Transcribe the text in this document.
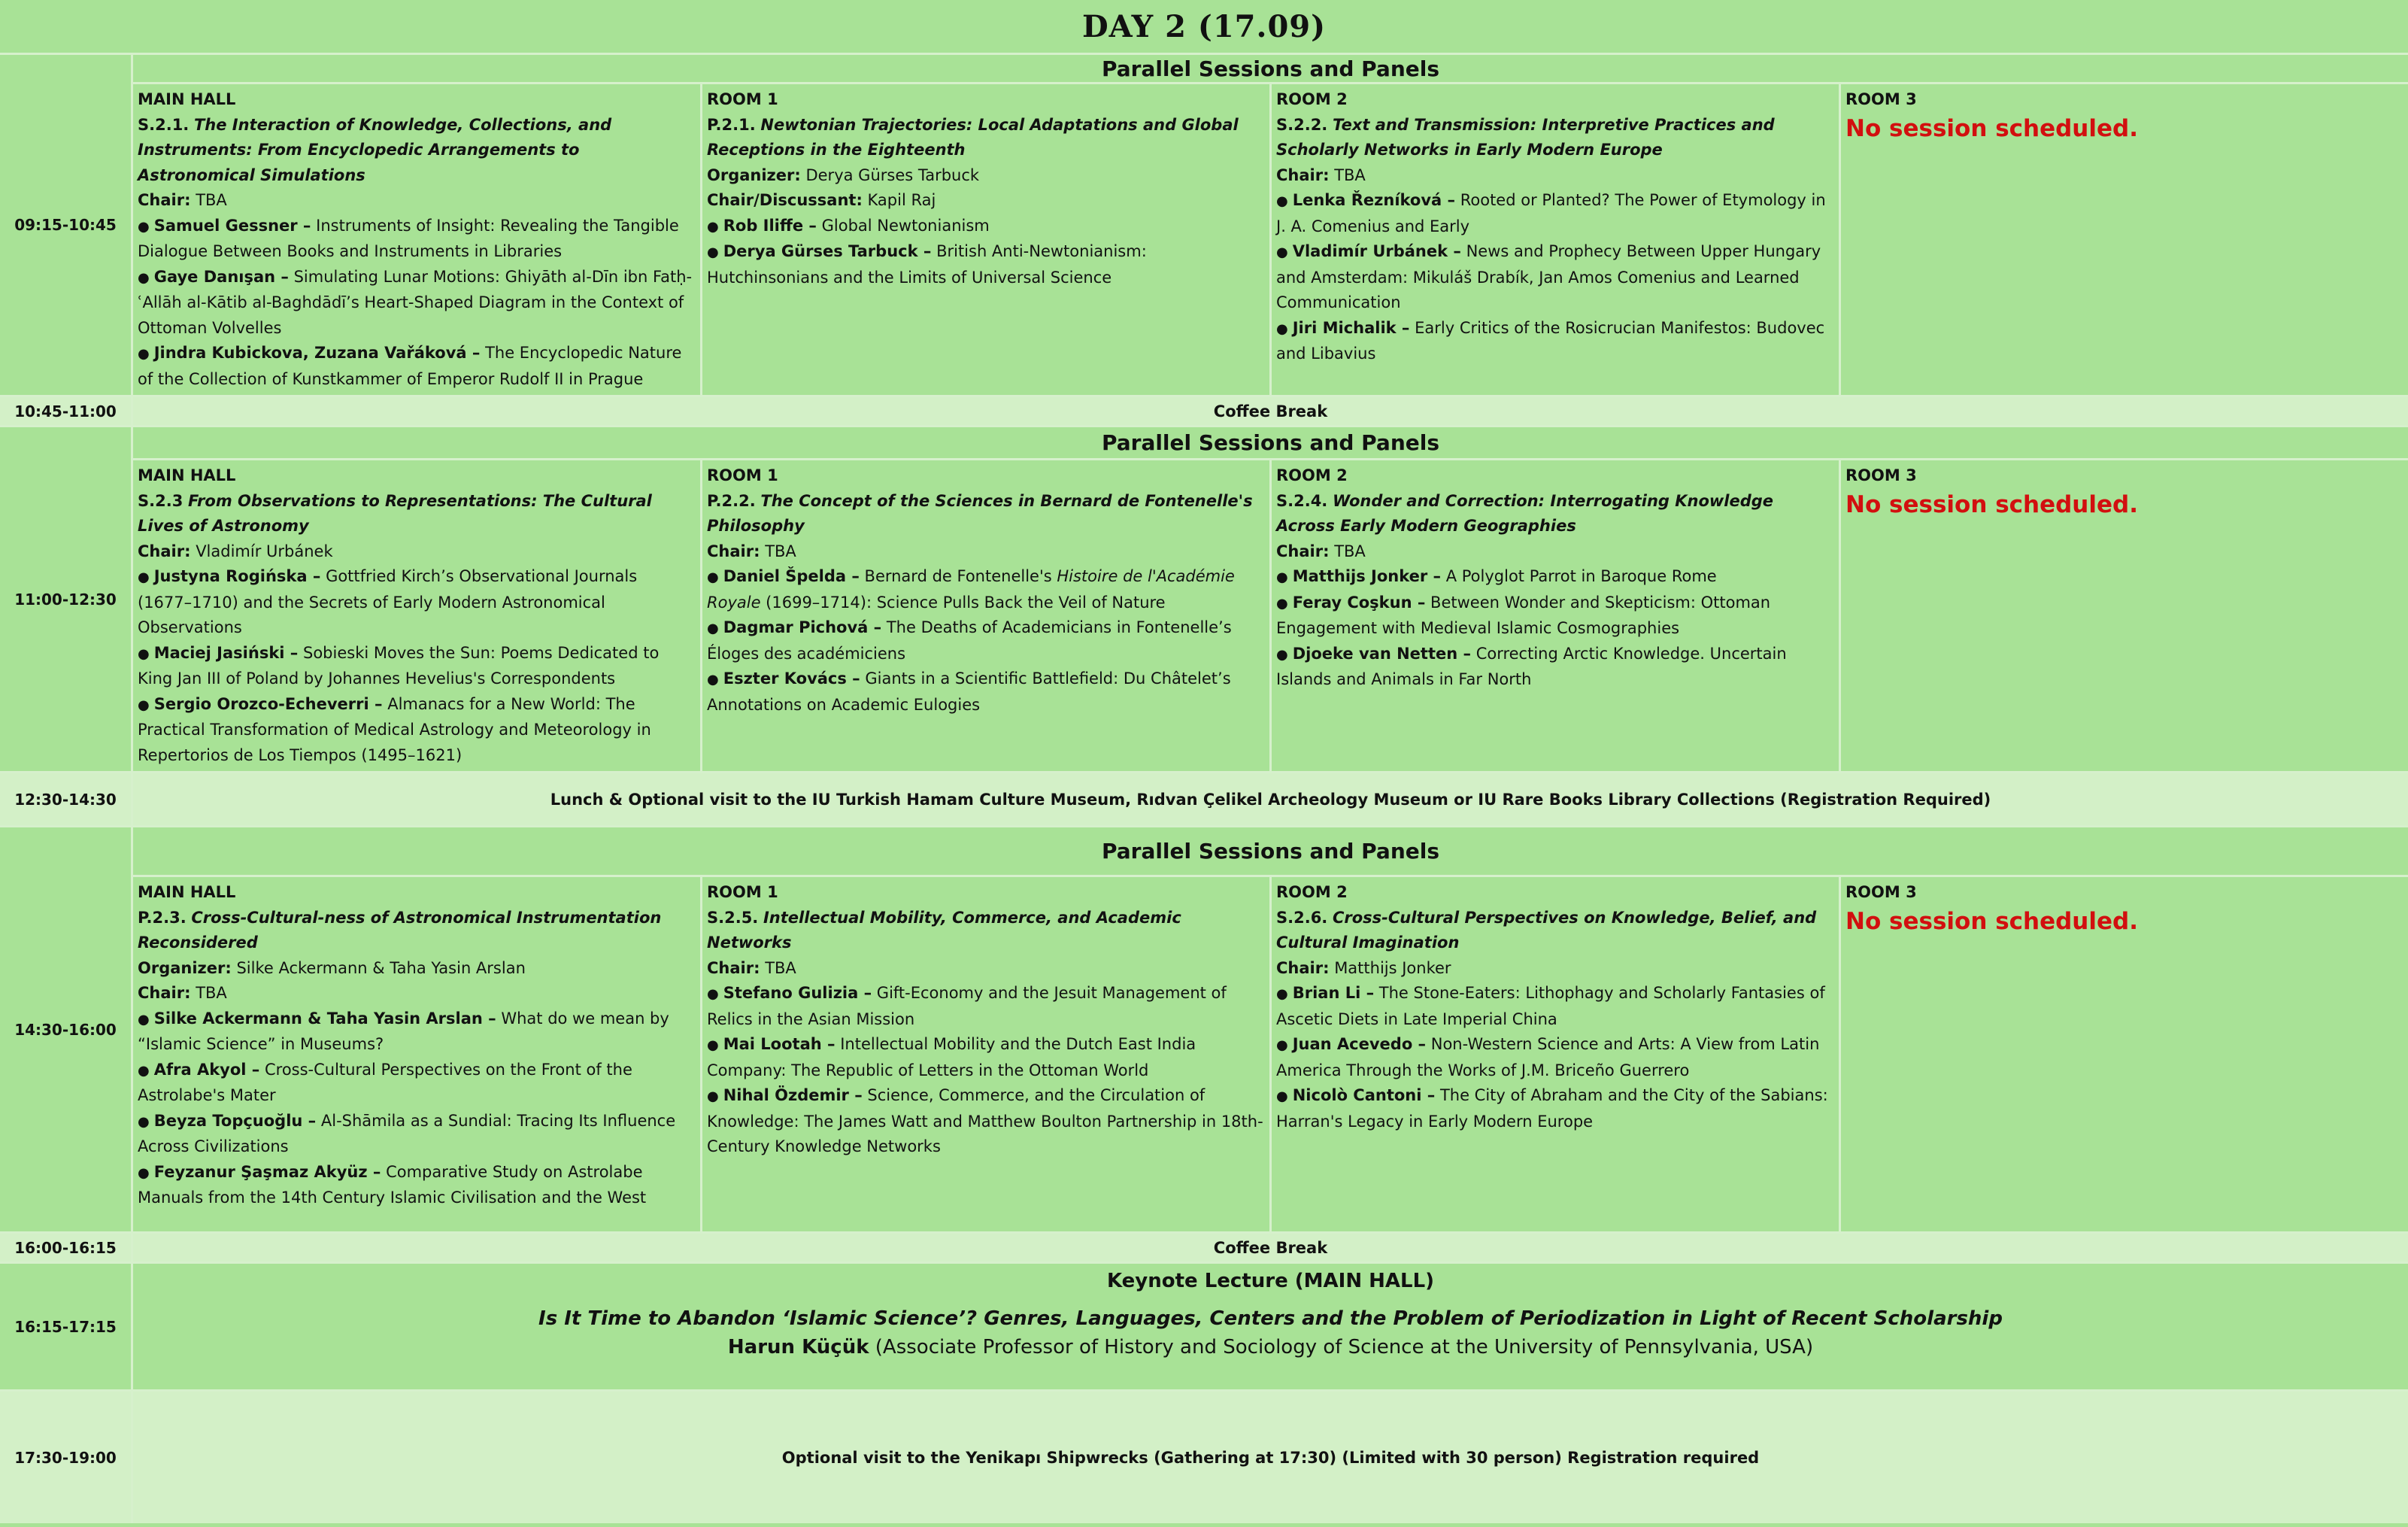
DAY 2 (17.09)
09:15-10:45
Parallel Sessions and Panels
MAIN HALL
S.2.1. The Interaction of Knowledge, Collections, and Instruments: From Encyclopedic Arrangements to Astronomical Simulations
Chair: TBA
● Samuel Gessner – Instruments of Insight: Revealing the Tangible Dialogue Between Books and Instruments in Libraries
● Gaye Danışan – Simulating Lunar Motions: Ghiyāth al-Dīn ibn Fatḥ-ʿAllāh al-Kātib al-Baghdādī’s Heart-Shaped Diagram in the Context of Ottoman Volvelles
● Jindra Kubickova, Zuzana Vařáková – The Encyclopedic Nature of the Collection of Kunstkammer of Emperor Rudolf II in Prague
ROOM 1
P.2.1. Newtonian Trajectories: Local Adaptations and Global Receptions in the Eighteenth
Organizer: Derya Gürses Tarbuck
Chair/Discussant: Kapil Raj
● Rob Iliffe – Global Newtonianism
● Derya Gürses Tarbuck – British Anti-Newtonianism: Hutchinsonians and the Limits of Universal Science
ROOM 2
S.2.2. Text and Transmission: Interpretive Practices and Scholarly Networks in Early Modern Europe
Chair: TBA
● Lenka Řezníková – Rooted or Planted? The Power of Etymology in J. A. Comenius and Early
● Vladimír Urbánek – News and Prophecy Between Upper Hungary and Amsterdam: Mikuláš Drabík, Jan Amos Comenius and Learned Communication
● Jiri Michalik – Early Critics of the Rosicrucian Manifestos: Budovec and Libavius
ROOM 3
No session scheduled.
10:45-11:00	Coffee Break
11:00-12:30
Parallel Sessions and Panels
MAIN HALL
S.2.3 From Observations to Representations: The Cultural Lives of Astronomy
Chair: Vladimír Urbánek
● Justyna Rogińska – Gottfried Kirch’s Observational Journals (1677–1710) and the Secrets of Early Modern Astronomical Observations
● Maciej Jasiński – Sobieski Moves the Sun: Poems Dedicated to King Jan III of Poland by Johannes Hevelius's Correspondents
● Sergio Orozco-Echeverri – Almanacs for a New World: The Practical Transformation of Medical Astrology and Meteorology in Repertorios de Los Tiempos (1495–1621)
ROOM 1
P.2.2. The Concept of the Sciences in Bernard de Fontenelle's Philosophy
Chair: TBA
● Daniel Špelda – Bernard de Fontenelle's Histoire de l'Académie Royale (1699–1714): Science Pulls Back the Veil of Nature
● Dagmar Pichová – The Deaths of Academicians in Fontenelle’s Éloges des académiciens
● Eszter Kovács – Giants in a Scientific Battlefield: Du Châtelet’s Annotations on Academic Eulogies
ROOM 2
S.2.4. Wonder and Correction: Interrogating Knowledge Across Early Modern Geographies
Chair: TBA
● Matthijs Jonker – A Polyglot Parrot in Baroque Rome
● Feray Coşkun – Between Wonder and Skepticism: Ottoman Engagement with Medieval Islamic Cosmographies
● Djoeke van Netten – Correcting Arctic Knowledge. Uncertain Islands and Animals in Far North
ROOM 3
No session scheduled.
12:30-14:30	Lunch & Optional visit to the IU Turkish Hamam Culture Museum, Rıdvan Çelikel Archeology Museum or IU Rare Books Library Collections (Registration Required)
14:30-16:00
Parallel Sessions and Panels
MAIN HALL
P.2.3. Cross-Cultural-ness of Astronomical Instrumentation Reconsidered
Organizer: Silke Ackermann & Taha Yasin Arslan
Chair: TBA
● Silke Ackermann & Taha Yasin Arslan – What do we mean by “Islamic Science” in Museums?
● Afra Akyol – Cross-Cultural Perspectives on the Front of the Astrolabe's Mater
● Beyza Topçuoğlu – Al-Shāmila as a Sundial: Tracing Its Influence Across Civilizations
● Feyzanur Şaşmaz Akyüz – Comparative Study on Astrolabe Manuals from the 14th Century Islamic Civilisation and the West
ROOM 1
S.2.5. Intellectual Mobility, Commerce, and Academic Networks
Chair: TBA
● Stefano Gulizia – Gift-Economy and the Jesuit Management of Relics in the Asian Mission
● Mai Lootah – Intellectual Mobility and the Dutch East India Company: The Republic of Letters in the Ottoman World
● Nihal Özdemir – Science, Commerce, and the Circulation of Knowledge: The James Watt and Matthew Boulton Partnership in 18th-Century Knowledge Networks
ROOM 2
S.2.6. Cross-Cultural Perspectives on Knowledge, Belief, and Cultural Imagination
Chair: Matthijs Jonker
● Brian Li – The Stone-Eaters: Lithophagy and Scholarly Fantasies of Ascetic Diets in Late Imperial China
● Juan Acevedo – Non-Western Science and Arts: A View from Latin America Through the Works of J.M. Briceño Guerrero
● Nicolò Cantoni – The City of Abraham and the City of the Sabians: Harran's Legacy in Early Modern Europe
ROOM 3
No session scheduled.
16:00-16:15	Coffee Break
16:15-17:15
Keynote Lecture (MAIN HALL)
Is It Time to Abandon ‘Islamic Science’? Genres, Languages, Centers and the Problem of Periodization in Light of Recent Scholarship
Harun Küçük (Associate Professor of History and Sociology of Science at the University of Pennsylvania, USA)
17:30-19:00	Optional visit to the Yenikapı Shipwrecks (Gathering at 17:30) (Limited with 30 person) Registration required
